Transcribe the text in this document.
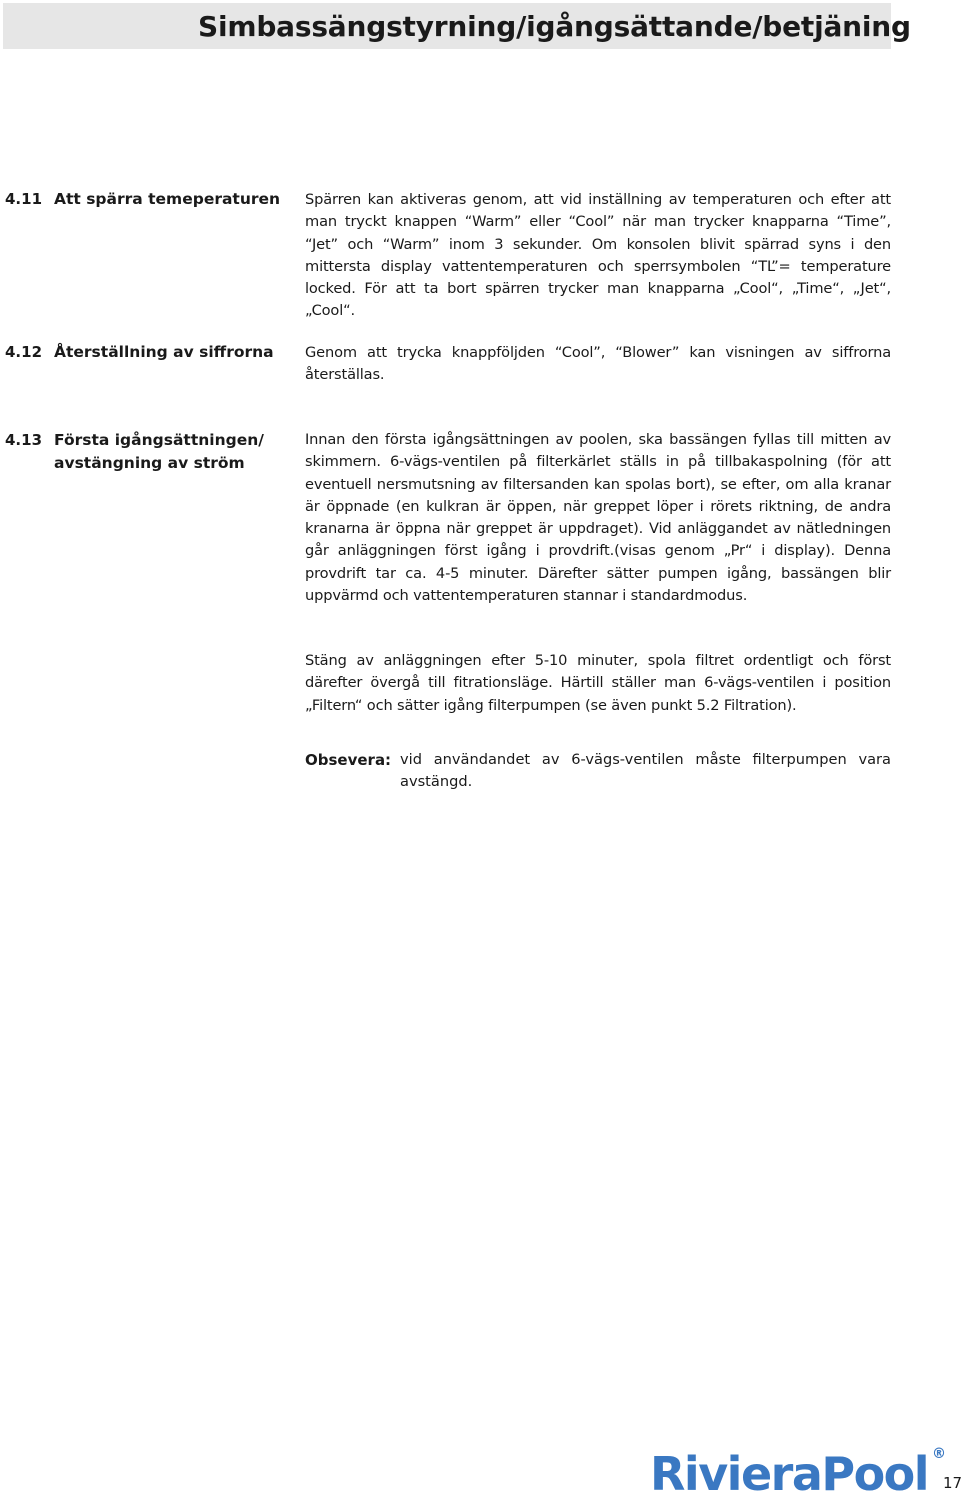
Simbassängstyrning/igångsättande/betjäning
4.11 Att spärra temeperaturen Spärren kan aktiveras genom, att vid inställning av temperaturen och efter att man tryckt knappen “Warm” eller “Cool” när man trycker knapparna “Time”, “Jet” och “Warm” inom 3 sekunder. Om konsolen blivit spärrad syns i den mittersta display vattentemperaturen och sperrsymbolen “TL”= temperature locked. För att ta bort spärren trycker man knapparna „Cool“, „Time“, „Jet“, „Cool“.

4.12 Återställning av siffrorna Genom att trycka knappföljden “Cool”, “Blower” kan visningen av siffrorna återställas.

4.13 Första igångsättningen/
avstängning av ström

Innan den första igångsättningen av poolen, ska bassängen fyllas till mitten av skimmern. 6-vägs-ventilen på filterkärlet ställs in på tillbakaspolning (för att eventuell nersmutsning av filtersanden kan spolas bort), se efter, om alla kranar är öppnade (en kulkran är öppen, när greppet löper i rörets riktning, de andra kranarna är öppna när greppet är uppdraget). Vid anläggandet av nätledningen går anläggningen först igång i provdrift.(visas genom „Pr“ i display). Denna provdrift tar ca. 4-5 minuter. Därefter sätter pumpen igång, bassängen blir uppvärmd och vattentemperaturen stannar i standardmodus.

Stäng av anläggningen efter 5-10 minuter, spola filtret ordentligt och först därefter övergå till fitrationsläge. Härtill ställer man 6-vägs-ventilen i position „Filtern“ och sätter igång filterpumpen (se även punkt 5.2 Filtration).

Obsevera: vid användandet av 6-vägs-ventilen måste filterpumpen vara avstängd.

RivieraPool ®
17
